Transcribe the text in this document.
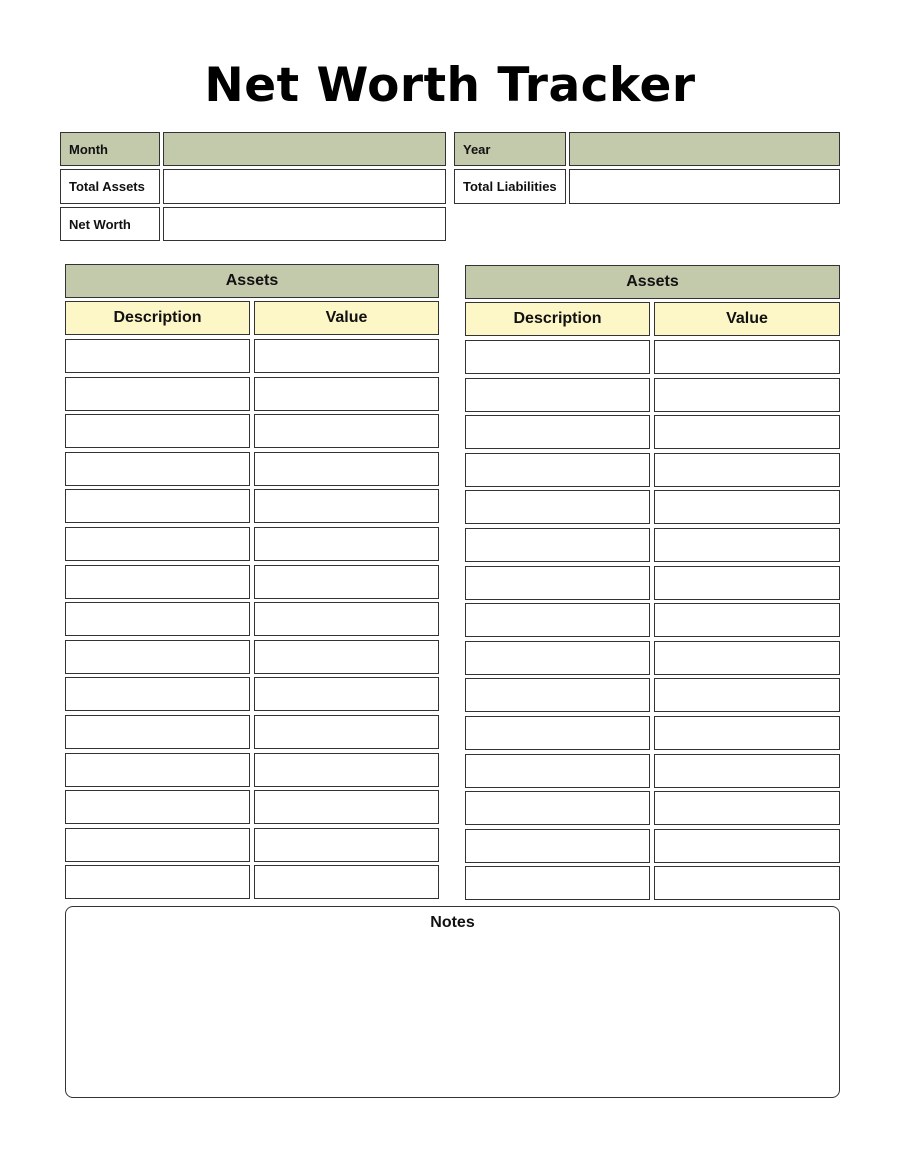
Net Worth Tracker
Month	Year
Total Assets	Total Liabilities
Net Worth
Assets
Description	Value
Assets
Description	Value
Notes
